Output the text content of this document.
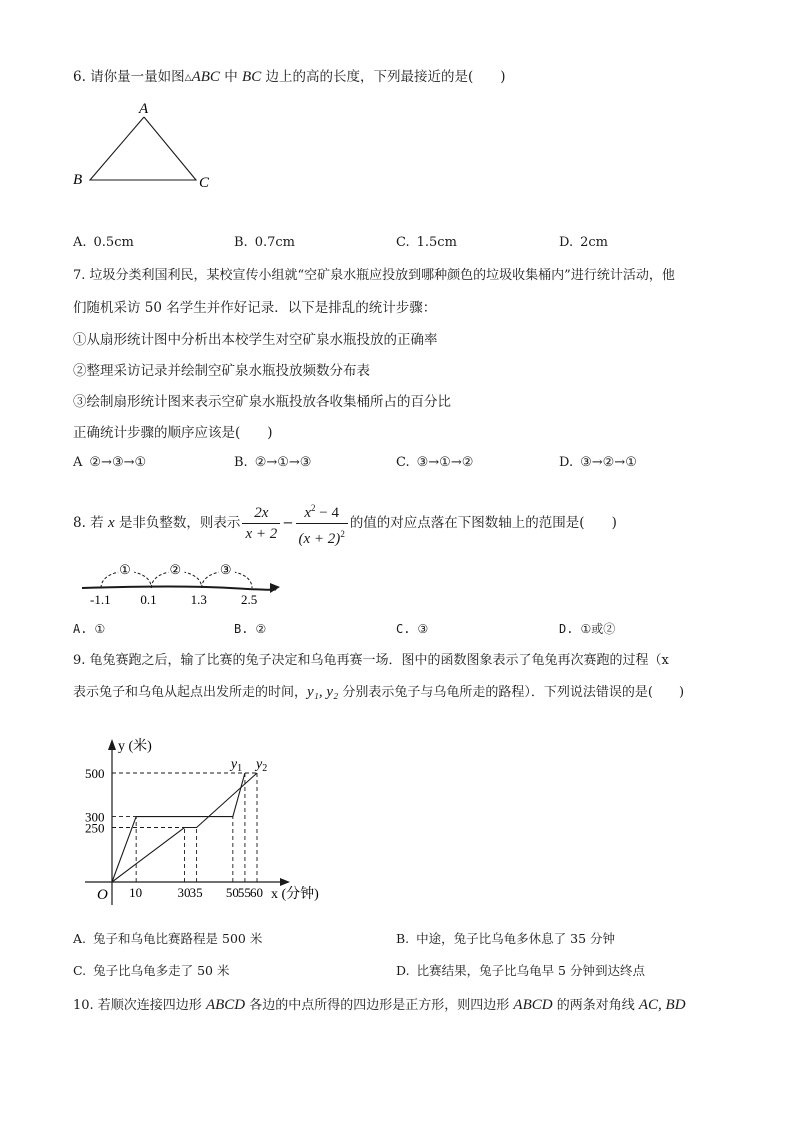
6. 请你量一量如图△ABC 中 BC 边上的高的长度，下列最接近的是(　　)
A
B	C
A. 0.5cm	B. 0.7cm	C. 1.5cm	D. 2cm
7. 垃圾分类利国利民，某校宣传小组就“空矿泉水瓶应投放到哪种颜色的垃圾收集桶内”进行统计活动，他
们随机采访 50 名学生并作好记录．以下是排乱的统计步骤：
①从扇形统计图中分析出本校学生对空矿泉水瓶投放的正确率
②整理采访记录并绘制空矿泉水瓶投放频数分布表
③绘制扇形统计图来表示空矿泉水瓶投放各收集桶所占的百分比
正确统计步骤的顺序应该是(　　)
A ②→③→①	B. ②→①→③	C. ③→①→②	D. ③→②→①
8. 若 x 是非负整数，则表示 $\frac{2x}{x + 2} - \frac{x^2 - 4}{(x + 2)^2}$ 的值的对应点落在下图数轴上的范围是(　　)
-1.1 0.1	1.3	2.5
①	②	③
A. ①	B. ②	C. ③	D. ①或②
9. 龟兔赛跑之后，输了比赛的兔子决定和乌龟再赛一场．图中的函数图象表示了龟兔再次赛跑的过程（x
表示兔子和乌龟从起点出发所走的时间，y₁, y₂ 分别表示兔子与乌龟所走的路程）．下列说法错误的是(　　)
250
300
500
10	30 35 50 55 60
$y_1$ $y_2$
O
y (米)
x (分钟)
A. 兔子和乌龟比赛路程是 500 米	B. 中途，兔子比乌龟多休息了 35 分钟
C. 兔子比乌龟多走了 50 米	D. 比赛结果，兔子比乌龟早 5 分钟到达终点
10. 若顺次连接四边形 ABCD 各边的中点所得的四边形是正方形，则四边形 ABCD 的两条对角线 AC, BD
